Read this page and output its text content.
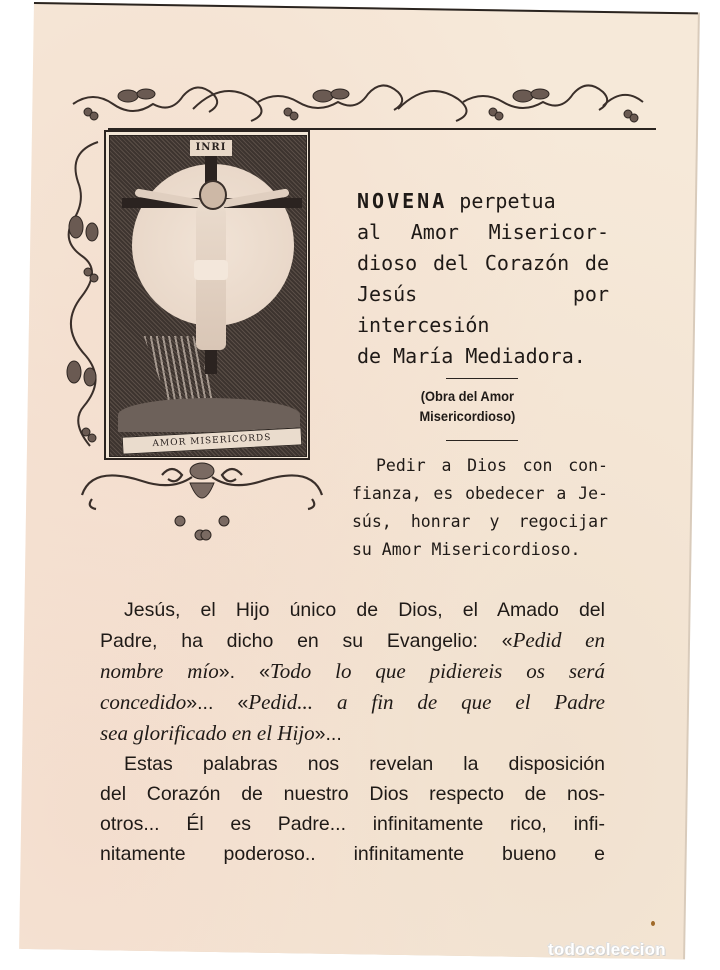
INRI
AMOR MISERICORDS
NOVENA perpetua
al Amor Misericor-
dioso del Corazón de
Jesús por intercesión
de María Mediadora.
(Obra del Amor
Misericordioso)
Pedir a Dios con con-
fianza, es obedecer a Je-
sús, honrar y regocijar
su Amor Misericordioso.
Jesús, el Hijo único de Dios, el Amado del
Padre, ha dicho en su Evangelio: «Pedid en
nombre mío». «Todo lo que pidiereis os será
concedido»... «Pedid... a fin de que el Padre
sea glorificado en el Hijo»...
Estas palabras nos revelan la disposición
del Corazón de nuestro Dios respecto de nos-
otros... Él es Padre... infinitamente rico, infi-
nitamente poderoso.. infinitamente bueno e
todocoleccion
